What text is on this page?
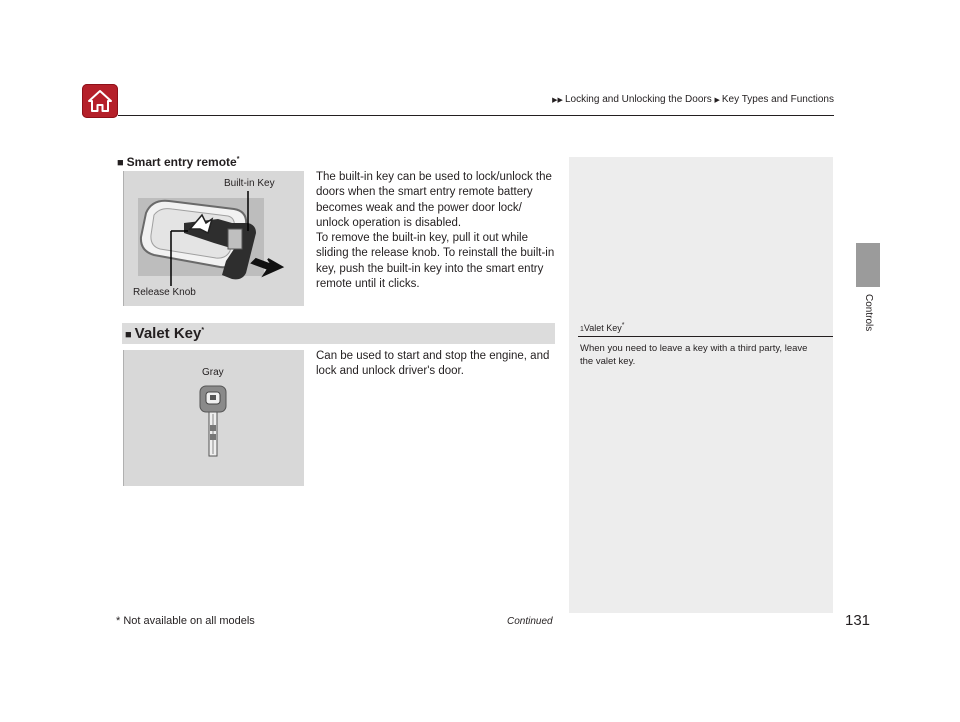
▶▶ Locking and Unlocking the Doors ▶ Key Types and Functions
Controls
■ Smart entry remote*
Built-in Key
Release Knob
The built-in key can be used to lock/unlock the doors when the smart entry remote battery becomes weak and the power door lock/ unlock operation is disabled.
To remove the built-in key, pull it out while sliding the release knob. To reinstall the built-in key, push the built-in key into the smart entry remote until it clicks.
■ Valet Key*	1Valet Key*
When you need to leave a key with a third party, leave the valet key.
Gray
Can be used to start and stop the engine, and lock and unlock driver's door.
* Not available on all models	Continued	131
